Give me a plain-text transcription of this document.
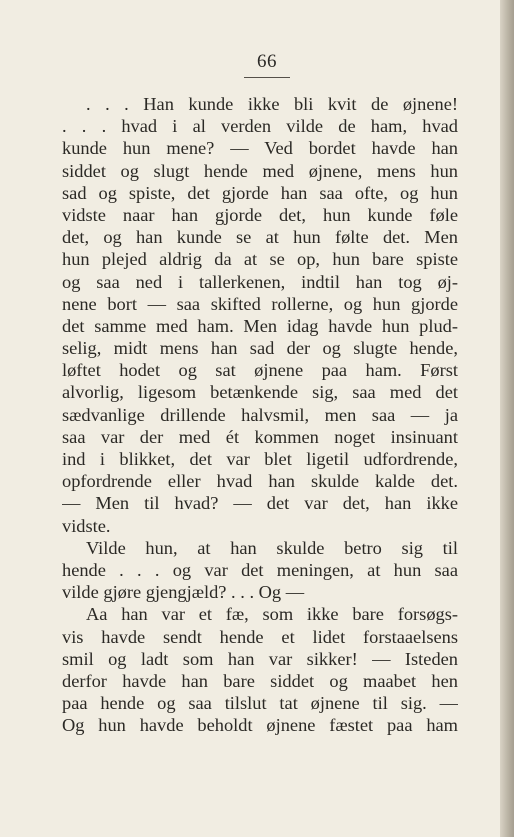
66
. . . Han kunde ikke bli kvit de øjnene!
. . . hvad i al verden vilde de ham, hvad
kunde hun mene? — Ved bordet havde han
siddet og slugt hende med øjnene, mens hun
sad og spiste, det gjorde han saa ofte, og hun
vidste naar han gjorde det, hun kunde føle
det, og han kunde se at hun følte det. Men
hun plejed aldrig da at se op, hun bare spiste
og saa ned i tallerkenen, indtil han tog øj-
nene bort — saa skifted rollerne, og hun gjorde
det samme med ham. Men idag havde hun plud-
selig, midt mens han sad der og slugte hende,
løftet hodet og sat øjnene paa ham. Først
alvorlig, ligesom betænkende sig, saa med det
sædvanlige drillende halvsmil, men saa — ja
saa var der med ét kommen noget insinuant
ind i blikket, det var blet ligetil udfordrende,
opfordrende eller hvad han skulde kalde det.
— Men til hvad? — det var det, han ikke
vidste.
Vilde hun, at han skulde betro sig til
hende . . . og var det meningen, at hun saa
vilde gjøre gjengjæld? . . . Og —
Aa han var et fæ, som ikke bare forsøgs-
vis havde sendt hende et lidet forstaaelsens
smil og ladt som han var sikker! — Isteden
derfor havde han bare siddet og maabet hen
paa hende og saa tilslut tat øjnene til sig. —
Og hun havde beholdt øjnene fæstet paa ham
